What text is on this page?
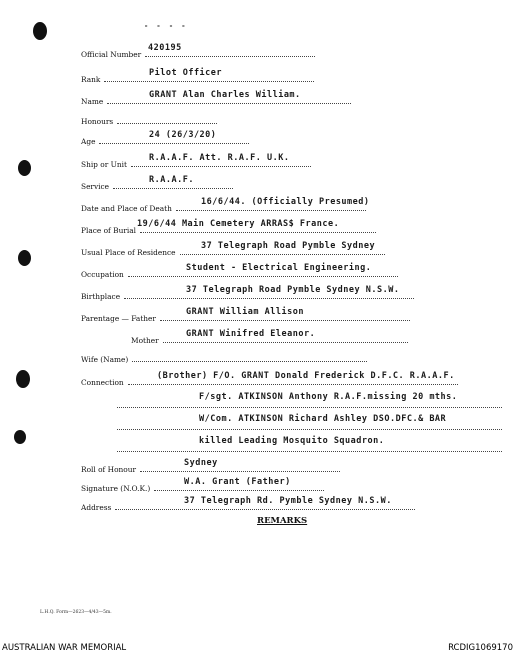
- - - -
Official Number
420195
Rank
Pilot Officer
Name
GRANT Alan Charles William.
Honours
Age
24 (26/3/20)
Ship or Unit
R.A.A.F. Att. R.A.F. U.K.
Service
R.A.A.F.
Date and Place of Death
16/6/44. (Officially Presumed)
Place of Burial
19/6/44 Main Cemetery ARRAS$ France.
Usual Place of Residence
37 Telegraph Road Pymble Sydney
Occupation
Student - Electrical Engineering.
Birthplace
37 Telegraph Road Pymble Sydney N.S.W.
Parentage — Father
GRANT William Allison
Mother
GRANT Winifred Eleanor.
Wife (Name)
Connection
(Brother) F/O. GRANT Donald Frederick D.F.C. R.A.A.F.
F/sgt. ATKINSON Anthony R.A.F.missing 20 mths.
W/Com. ATKINSON Richard Ashley DSO.DFC.& BAR
killed Leading Mosquito Squadron.
Roll of Honour
Sydney
Signature (N.O.K.)
W.A. Grant (Father)
Address
37 Telegraph Rd. Pymble Sydney N.S.W.
REMARKS
L.H.Q. Form—2623—4/43—5m.
AUSTRALIAN WAR MEMORIAL	RCDIG1069170
